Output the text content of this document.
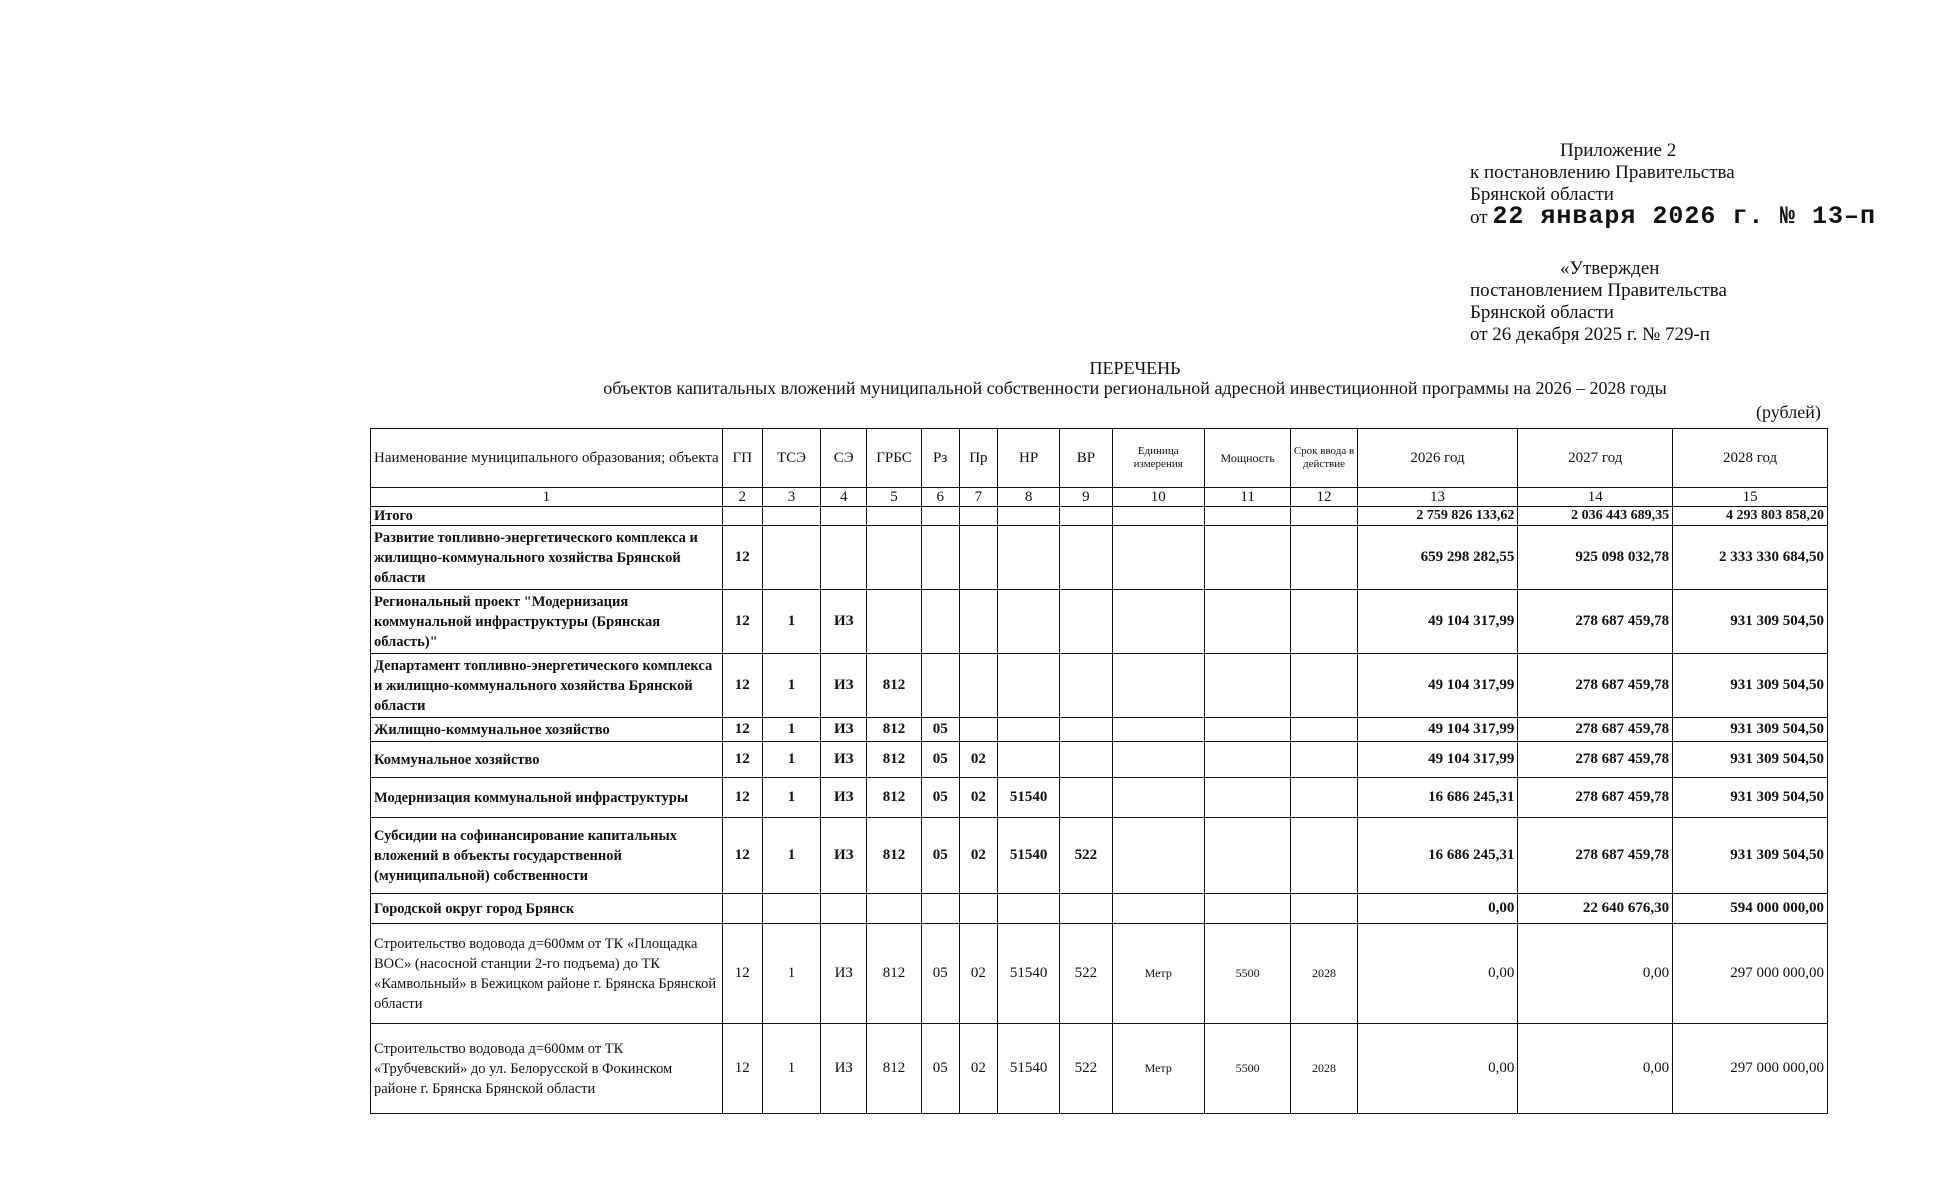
Приложение 2
к постановлению Правительства
Брянской области
от 22 января 2026 г. № 13–п
«Утвержден
постановлением Правительства
Брянской области
от 26 декабря 2025 г. № 729-п
ПЕРЕЧЕНЬ
объектов капитальных вложений муниципальной собственности региональной адресной инвестиционной программы на 2026 – 2028 годы
(рублей)
Наименование муниципального образования; объекта	ГП	ТСЭ	СЭ	ГРБС	Рз	Пр	НР	ВР	Единица измерения	Мощность	Срок ввода в действие	2026 год	2027 год	2028 год
1	2	3	4	5	6	7	8	9	10	11	12	13	14	15
Итого												2 759 826 133,62	2 036 443 689,35	4 293 803 858,20
Развитие топливно-энергетического комплекса и жилищно-коммунального хозяйства Брянской области	12											659 298 282,55	925 098 032,78	2 333 330 684,50
Региональный проект "Модернизация коммунальной инфраструктуры (Брянская область)"	12	1	ИЗ									49 104 317,99	278 687 459,78	931 309 504,50
Департамент топливно-энергетического комплекса и жилищно-коммунального хозяйства Брянской области	12	1	ИЗ	812								49 104 317,99	278 687 459,78	931 309 504,50
Жилищно-коммунальное хозяйство	12	1	ИЗ	812	05							49 104 317,99	278 687 459,78	931 309 504,50
Коммунальное хозяйство	12	1	ИЗ	812	05	02						49 104 317,99	278 687 459,78	931 309 504,50
Модернизация коммунальной инфраструктуры	12	1	ИЗ	812	05	02	51540					16 686 245,31	278 687 459,78	931 309 504,50
Субсидии на софинансирование капитальных вложений в объекты государственной (муниципальной) собственности	12	1	ИЗ	812	05	02	51540	522				16 686 245,31	278 687 459,78	931 309 504,50
Городской округ город Брянск												0,00	22 640 676,30	594 000 000,00
Строительство водовода д=600мм от ТК «Площадка ВОС» (насосной станции 2-го подъема) до ТК «Камвольный» в Бежицком районе г. Брянска Брянской области	12	1	ИЗ	812	05	02	51540	522	Метр	5500	2028	0,00	0,00	297 000 000,00
Строительство водовода д=600мм от ТК «Трубчевский» до ул. Белорусской в Фокинском районе г. Брянска Брянской области	12	1	ИЗ	812	05	02	51540	522	Метр	5500	2028	0,00	0,00	297 000 000,00
